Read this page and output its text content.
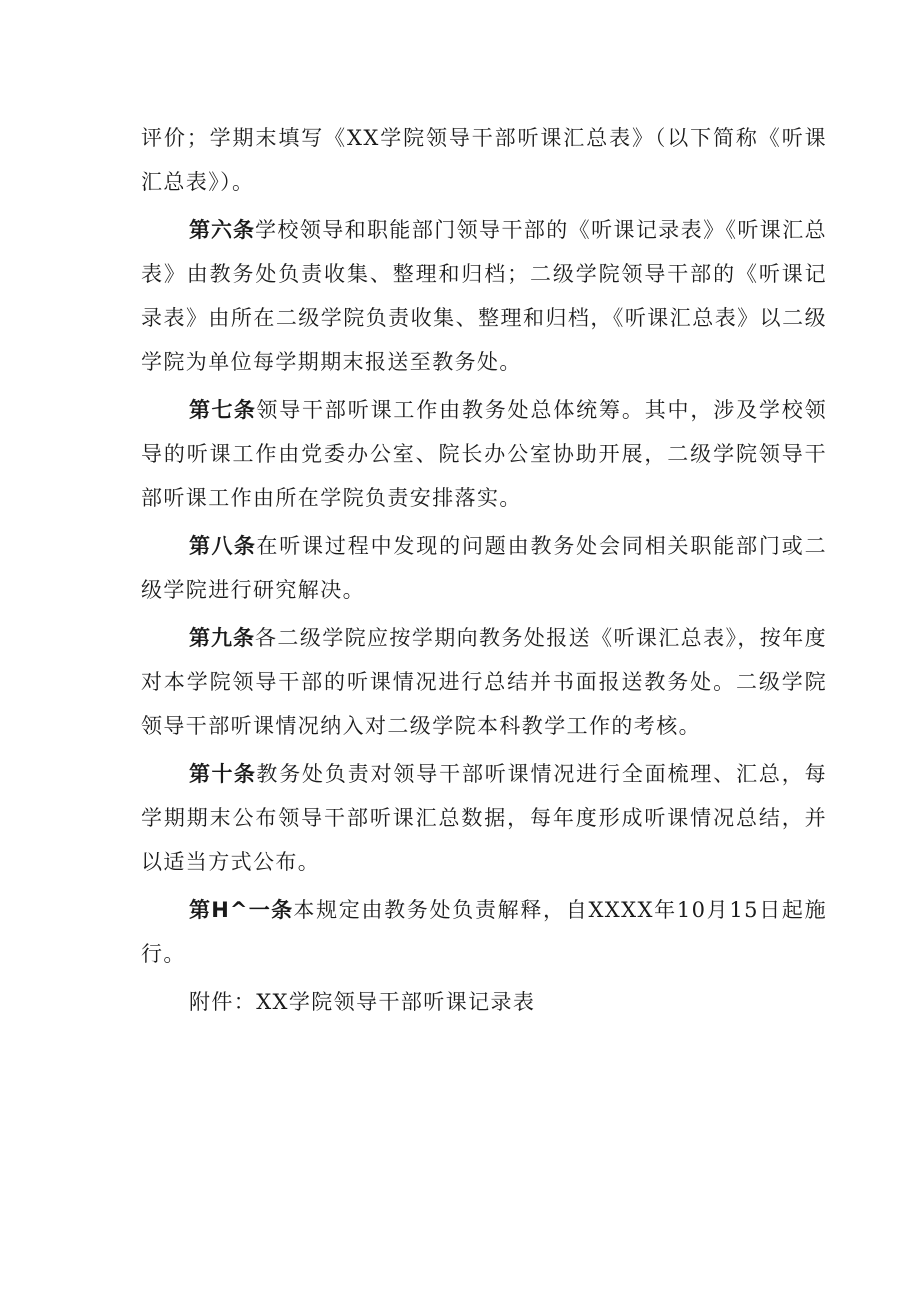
评价；学期末填写《XX学院领导干部听课汇总表》（以下简称《听课汇总表》）。

第六条学校领导和职能部门领导干部的《听课记录表》《听课汇总表》由教务处负责收集、整理和归档；二级学院领导干部的《听课记录表》由所在二级学院负责收集、整理和归档，《听课汇总表》以二级学院为单位每学期期末报送至教务处。

第七条领导干部听课工作由教务处总体统筹。其中，涉及学校领导的听课工作由党委办公室、院长办公室协助开展，二级学院领导干部听课工作由所在学院负责安排落实。

第八条在听课过程中发现的问题由教务处会同相关职能部门或二级学院进行研究解决。

第九条各二级学院应按学期向教务处报送《听课汇总表》，按年度对本学院领导干部的听课情况进行总结并书面报送教务处。二级学院领导干部听课情况纳入对二级学院本科教学工作的考核。

第十条教务处负责对领导干部听课情况进行全面梳理、汇总，每学期期末公布领导干部听课汇总数据，每年度形成听课情况总结，并以适当方式公布。

第H^一条本规定由教务处负责解释，自XXXX年10月15日起施行。

附件：XX学院领导干部听课记录表
